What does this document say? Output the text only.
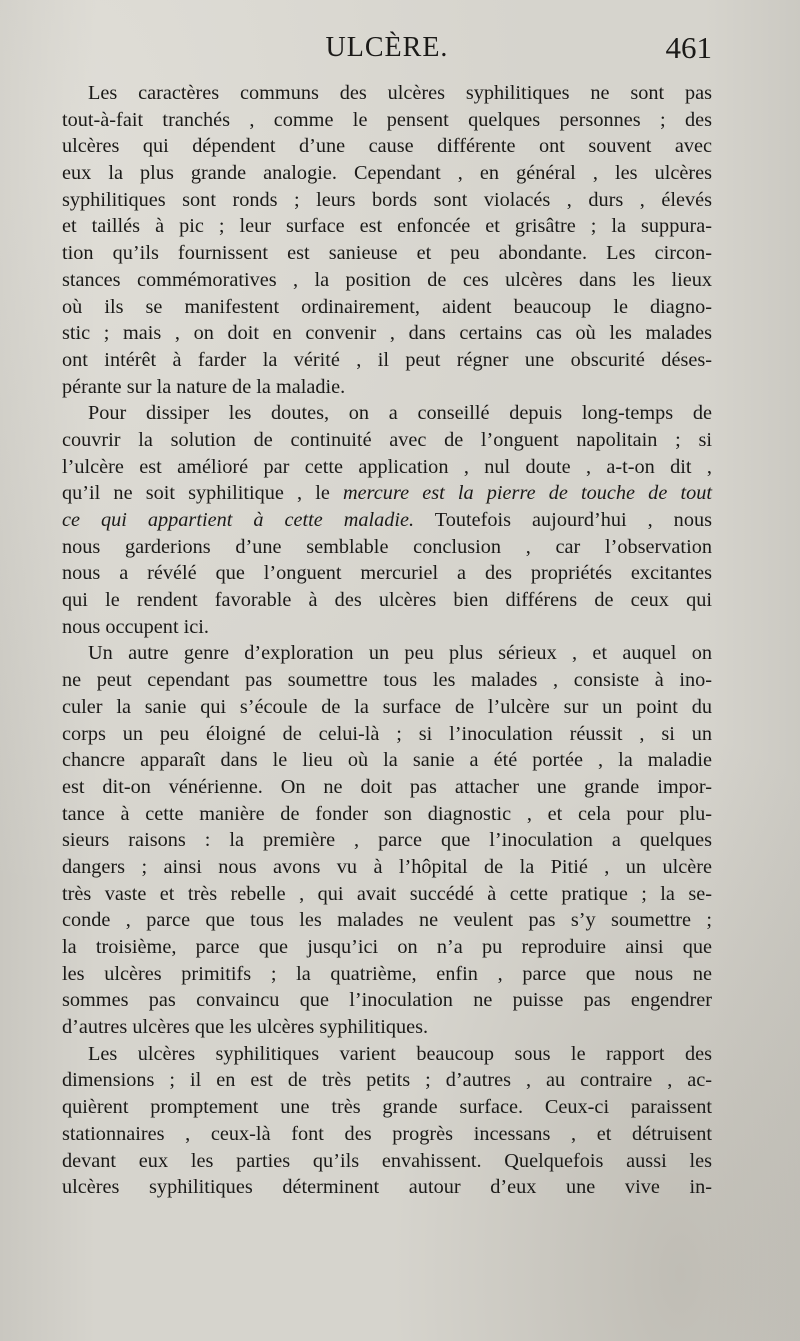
ULCÈRE.	461
Les caractères communs des ulcères syphilitiques ne sont pas
tout-à-fait tranchés , comme le pensent quelques personnes ; des
ulcères qui dépendent d’une cause différente ont souvent avec
eux la plus grande analogie. Cependant , en général , les ulcères
syphilitiques sont ronds ; leurs bords sont violacés , durs , élevés
et taillés à pic ; leur surface est enfoncée et grisâtre ; la suppura-
tion qu’ils fournissent est sanieuse et peu abondante. Les circon-
stances commémoratives , la position de ces ulcères dans les lieux
où ils se manifestent ordinairement, aident beaucoup le diagno-
stic ; mais , on doit en convenir , dans certains cas où les malades
ont intérêt à farder la vérité , il peut régner une obscurité déses-
pérante sur la nature de la maladie.
Pour dissiper les doutes, on a conseillé depuis long-temps de
couvrir la solution de continuité avec de l’onguent napolitain ; si
l’ulcère est amélioré par cette application , nul doute , a-t-on dit ,
qu’il ne soit syphilitique , le mercure est la pierre de touche de tout
ce qui appartient à cette maladie. Toutefois aujourd’hui , nous
nous garderions d’une semblable conclusion , car l’observation
nous a révélé que l’onguent mercuriel a des propriétés excitantes
qui le rendent favorable à des ulcères bien différens de ceux qui
nous occupent ici.
Un autre genre d’exploration un peu plus sérieux , et auquel on
ne peut cependant pas soumettre tous les malades , consiste à ino-
culer la sanie qui s’écoule de la surface de l’ulcère sur un point du
corps un peu éloigné de celui-là ; si l’inoculation réussit , si un
chancre apparaît dans le lieu où la sanie a été portée , la maladie
est dit-on vénérienne. On ne doit pas attacher une grande impor-
tance à cette manière de fonder son diagnostic , et cela pour plu-
sieurs raisons : la première , parce que l’inoculation a quelques
dangers ; ainsi nous avons vu à l’hôpital de la Pitié , un ulcère
très vaste et très rebelle , qui avait succédé à cette pratique ; la se-
conde , parce que tous les malades ne veulent pas s’y soumettre ;
la troisième, parce que jusqu’ici on n’a pu reproduire ainsi que
les ulcères primitifs ; la quatrième, enfin , parce que nous ne
sommes pas convaincu que l’inoculation ne puisse pas engendrer
d’autres ulcères que les ulcères syphilitiques.
Les ulcères syphilitiques varient beaucoup sous le rapport des
dimensions ; il en est de très petits ; d’autres , au contraire , ac-
quièrent promptement une très grande surface. Ceux-ci paraissent
stationnaires , ceux-là font des progrès incessans , et détruisent
devant eux les parties qu’ils envahissent. Quelquefois aussi les
ulcères syphilitiques déterminent autour d’eux une vive in-
